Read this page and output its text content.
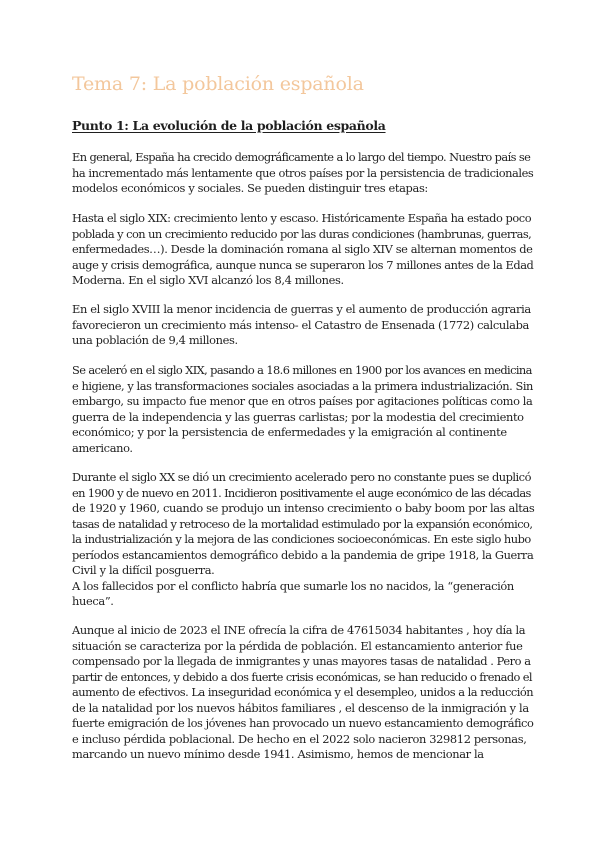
Tema 7: La población española
Punto 1: La evolución de la población española
En general, España ha crecido demográficamente a lo largo del tiempo. Nuestro país se
ha incrementado más lentamente que otros países por la persistencia de tradicionales
modelos económicos y sociales. Se pueden distinguir tres etapas:
Hasta el siglo XIX: crecimiento lento y escaso. Históricamente España ha estado poco
poblada y con un crecimiento reducido por las duras condiciones (hambrunas, guerras,
enfermedades…). Desde la dominación romana al siglo XIV se alternan momentos de
auge y crisis demográfica, aunque nunca se superaron los 7 millones antes de la Edad
Moderna. En el siglo XVI alcanzó los 8,4 millones.
En el siglo XVIII la menor incidencia de guerras y el aumento de producción agraria
favorecieron un crecimiento más intenso- el Catastro de Ensenada (1772) calculaba
una población de 9,4 millones.
Se aceleró en el siglo XIX, pasando a 18.6 millones en 1900 por los avances en medicina
e higiene, y las transformaciones sociales asociadas a la primera industrialización. Sin
embargo, su impacto fue menor que en otros países por agitaciones políticas como la
guerra de la independencia y las guerras carlistas; por la modestia del crecimiento
económico; y por la persistencia de enfermedades y la emigración al continente
americano.
Durante el siglo XX se dió un crecimiento acelerado pero no constante pues se duplicó
en 1900 y de nuevo en 2011. Incidieron positivamente el auge económico de las décadas
de 1920 y 1960, cuando se produjo un intenso crecimiento o baby boom por las altas
tasas de natalidad y retroceso de la mortalidad estimulado por la expansión económico,
la industrialización y la mejora de las condiciones socioeconómicas. En este siglo hubo
períodos estancamientos demográfico debido a la pandemia de gripe 1918, la Guerra
Civil y la difícil posguerra.
A los fallecidos por el conflicto habría que sumarle los no nacidos, la “generación
hueca”.
Aunque al inicio de 2023 el INE ofrecía la cifra de 47615034 habitantes , hoy día la
situación se caracteriza por la pérdida de población. El estancamiento anterior fue
compensado por la llegada de inmigrantes y unas mayores tasas de natalidad . Pero a
partir de entonces, y debido a dos fuerte crisis económicas, se han reducido o frenado el
aumento de efectivos. La inseguridad económica y el desempleo, unidos a la reducción
de la natalidad por los nuevos hábitos familiares , el descenso de la inmigración y la
fuerte emigración de los jóvenes han provocado un nuevo estancamiento demográfico
e incluso pérdida poblacional. De hecho en el 2022 solo nacieron 329812 personas,
marcando un nuevo mínimo desde 1941. Asimismo, hemos de mencionar la
